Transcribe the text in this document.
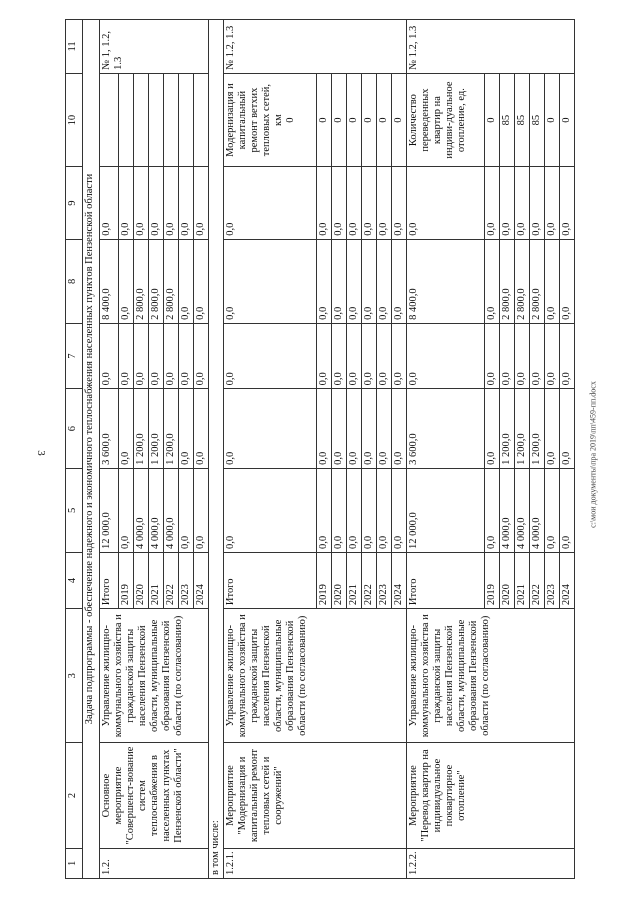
3
1	2	3	4	5	6	7	8	9	10	11
Задача подпрограммы - обеспечение надежного и экономичного теплоснабжения населенных пунктов Пензенской области										
1.2.	Основное мероприятие "Совершенст-вование систем теплоснабжения в населенных пунктах Пензенской области"	Управление жилищно-коммунального хозяйства и гражданской защиты населения Пензенской области, муниципальные образования Пензенской области (по согласованию)	Итого	12 000,0	3 600,0	0,0	8 400,0	0,0		№ 1, 1.2, 1.3
			2019	0,0	0,0	0,0	0,0	0,0		
			2020	4 000,0	1 200,0	0,0	2 800,0	0,0		
			2021	4 000,0	1 200,0	0,0	2 800,0	0,0		
			2022	4 000,0	1 200,0	0,0	2 800,0	0,0		
			2023	0,0	0,0	0,0	0,0	0,0		
			2024	0,0	0,0	0,0	0,0	0,0		
в том числе:										
1.2.1.	Мероприятие "Модернизация и капитальный ремонт тепловых сетей и сооружений"	Управление жилищно-коммунального хозяйства и гражданской защиты населения Пензенской области, муниципальные образования Пензенской области (по согласованию)	Итого	0,0	0,0	0,0	0,0	0,0	Модернизация и капитальный ремонт ветхих тепловых сетей, км 0	№ 1.2, 1.3
			2019	0,0	0,0	0,0	0,0	0,0	0	
			2020	0,0	0,0	0,0	0,0	0,0	0	
			2021	0,0	0,0	0,0	0,0	0,0	0	
			2022	0,0	0,0	0,0	0,0	0,0	0	
			2023	0,0	0,0	0,0	0,0	0,0	0	
			2024	0,0	0,0	0,0	0,0	0,0	0	
1.2.2.	Мероприятие "Перевод квартир на индивидуальное поквартирное отопление"	Управление жилищно-коммунального хозяйства и гражданской защиты населения Пензенской области, муниципальные образования Пензенской области (по согласованию)	Итого	12 000,0	3 600,0	0,0	8 400,0	0,0	Количество переведенных квартир на индиви-дуальное отопление, ед.	№ 1.2, 1.3
			2019	0,0	0,0	0,0	0,0	0,0	0	
			2020	4 000,0	1 200,0	0,0	2 800,0	0,0	85	
			2021	4 000,0	1 200,0	0,0	2 800,0	0,0	85	
			2022	4 000,0	1 200,0	0,0	2 800,0	0,0	85	
			2023	0,0	0,0	0,0	0,0	0,0	0	
			2024	0,0	0,0	0,0	0,0	0,0	0	
с:\мои документы\пра 2019\пп\459-пп.docx
